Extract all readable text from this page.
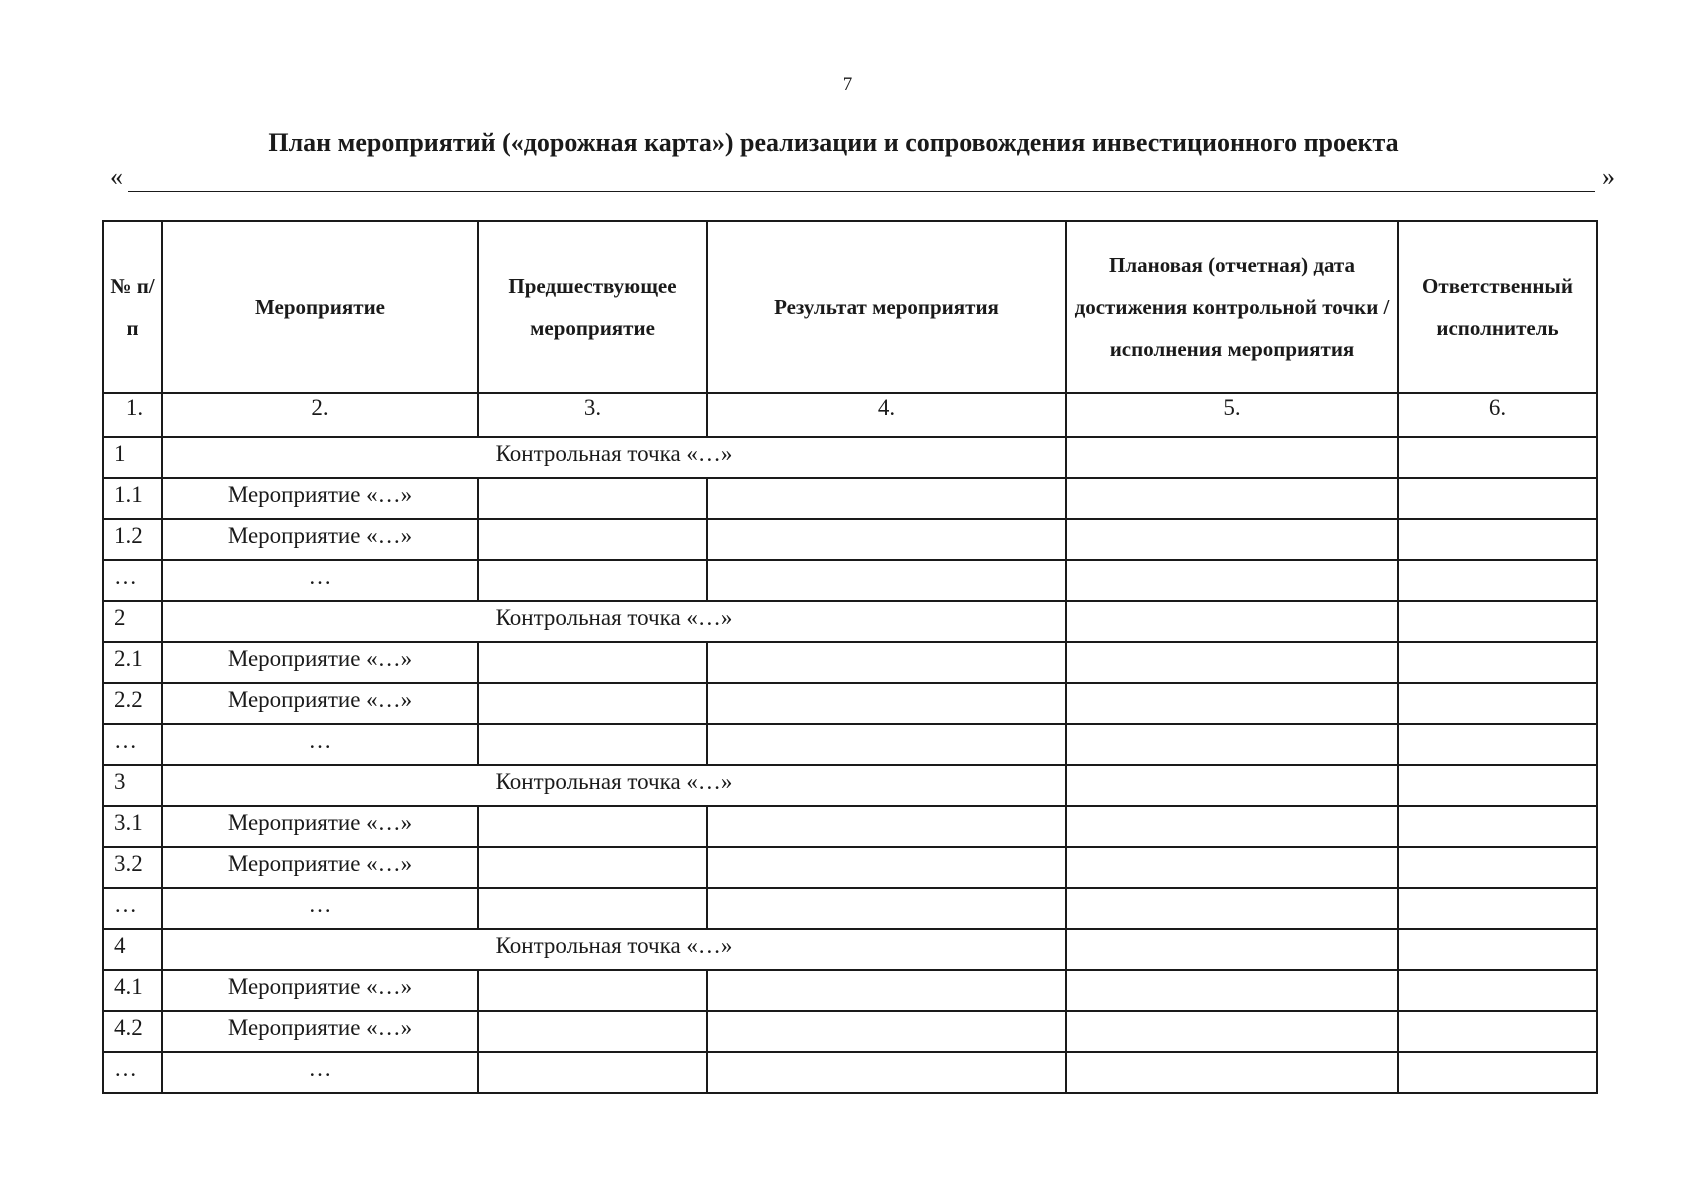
7
План мероприятий («дорожная карта») реализации и сопровождения инвестиционного проекта
«	»
№ п/п	Мероприятие	Предшествующее мероприятие	Результат мероприятия	Плановая (отчетная) дата достижения контрольной точки / исполнения мероприятия	Ответственный исполнитель
1.	2.	3.	4.	5.	6.
1	Контрольная точка «…»				
1.1	Мероприятие «…»				
1.2	Мероприятие «…»				
…	…				
2	Контрольная точка «…»				
2.1	Мероприятие «…»				
2.2	Мероприятие «…»				
…	…				
3	Контрольная точка «…»				
3.1	Мероприятие «…»				
3.2	Мероприятие «…»				
…	…				
4	Контрольная точка «…»				
4.1	Мероприятие «…»				
4.2	Мероприятие «…»				
…	…				
